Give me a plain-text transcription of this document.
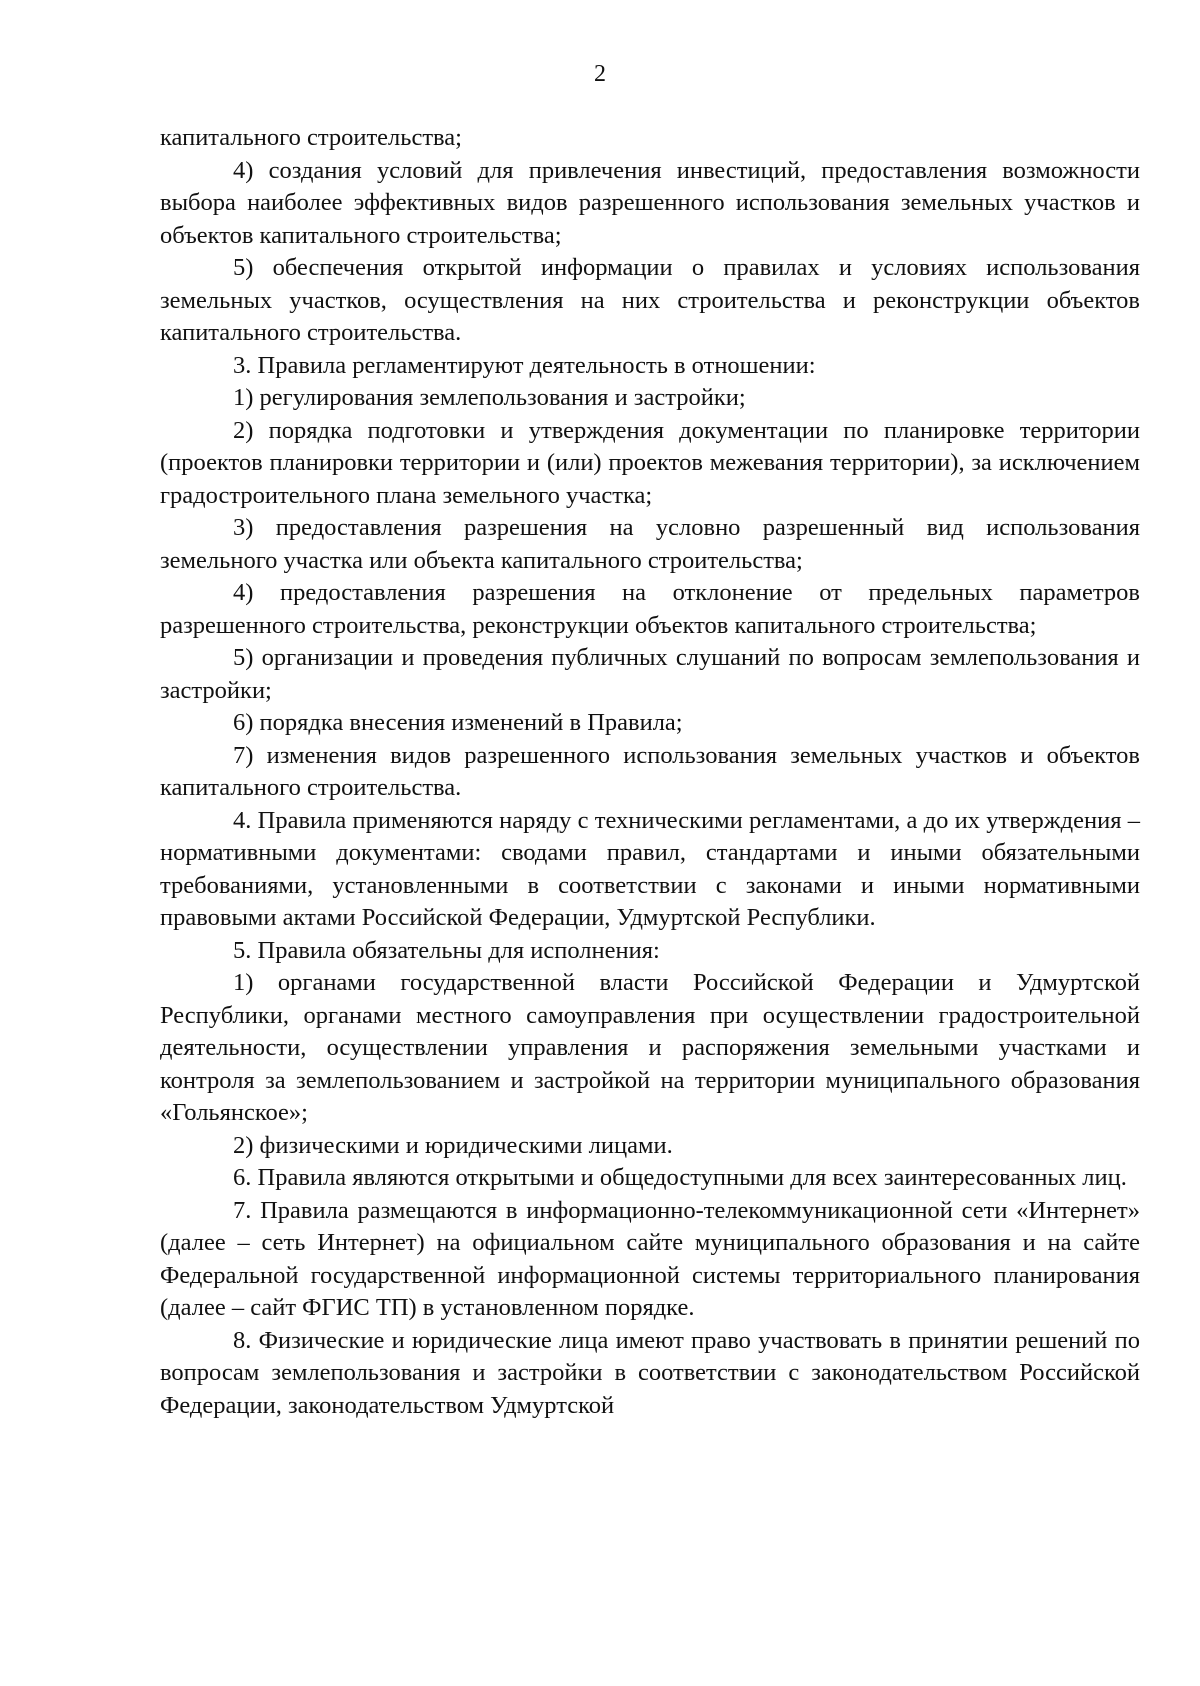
2

капитального строительства;

4) создания условий для привлечения инвестиций, предоставления возможности выбора наиболее эффективных видов разрешенного использования земельных участков и объектов капитального строительства;

5) обеспечения открытой информации о правилах и условиях использования земельных участков, осуществления на них строительства и реконструкции объектов капитального строительства.

3. Правила регламентируют деятельность в отношении:

1) регулирования землепользования и застройки;

2) порядка подготовки и утверждения документации по планировке территории (проектов планировки территории и (или) проектов межевания территории), за исключением градостроительного плана земельного участка;

3) предоставления разрешения на условно разрешенный вид использования земельного участка или объекта капитального строительства;

4) предоставления разрешения на отклонение от предельных параметров разрешенного строительства, реконструкции объектов капитального строительства;

5) организации и проведения публичных слушаний по вопросам землепользования и застройки;

6) порядка внесения изменений в Правила;

7) изменения видов разрешенного использования земельных участков и объектов капитального строительства.

4. Правила применяются наряду с техническими регламентами, а до их утверждения – нормативными документами: сводами правил, стандартами и иными обязательными требованиями, установленными в соответствии с законами и иными нормативными правовыми актами Российской Федерации, Удмуртской Республики.

5. Правила обязательны для исполнения:

1) органами государственной власти Российской Федерации и Удмуртской Республики, органами местного самоуправления при осуществлении градостроительной деятельности, осуществлении управления и распоряжения земельными участками и контроля за землепользованием и застройкой на территории муниципального образования «Гольянское»;

2) физическими и юридическими лицами.

6. Правила являются открытыми и общедоступными для всех заинтересованных лиц.

7. Правила размещаются в информационно-телекоммуникационной сети «Интернет» (далее – сеть Интернет) на официальном сайте муниципального образования и на сайте Федеральной государственной информационной системы территориального планирования (далее – сайт ФГИС ТП) в установленном порядке.

8. Физические и юридические лица имеют право участвовать в принятии решений по вопросам землепользования и застройки в соответствии с законодательством Российской Федерации, законодательством Удмуртской
